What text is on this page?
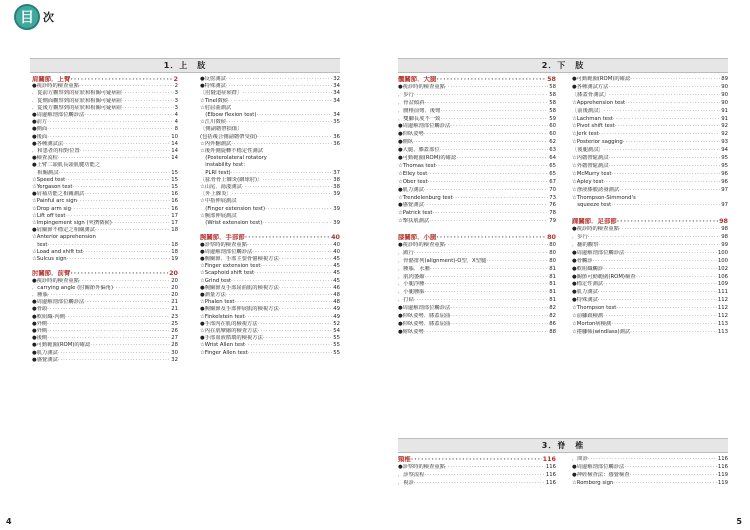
目 次
1．上　肢	2．下　肢
3．脊　椎
肩關節．上臂 ·····	2
●視診時的檢查重點 ·····	2
．從前方觀察到的症狀和相關可疑病症 ·····	3
．從側面觀察到的症狀和相關可疑病症 ·····	3
．從後方觀察到的症狀和相關可疑病症 ·····	3
●周邊解剖部位觸診法 ·····	4
●前方 ·····	4
●側面 ·····	8
●後面 ·····	10
●各種測試法 ·····	14
．和患者的相對位置 ·····	14
●檢查流程 ·····	14
●上臂二頭肌長頭肌腱功能之
　相關測試 ·····	15
☆Speed test ·····	15
☆Yergason test ·····	15
●肩袖功能之相關測試 ·····	16
☆Painful arc sign ·····	16
☆Drop arm sig ·····	16
☆Lift off test ·····	17
☆Impingement sign (夾擠徵候) ·····	17
●肩關節不穩定之相關測試 ·····	18
☆Anterior apprehension
　test ·····	18
☆Load and shift tst ·····	18
☆Sulcus sign ·····	19
肘關節．前臂 ·····	20
●視診時的檢查重點 ·····	20
．carrying angle (肘關節外偏角) ·····	20
．腫脹 ·····	20
●周邊解剖部位觸診法 ·····	21
●骨頭 ·····	21
●軟組織-內側 ·····	23
●外側 ·····	25
●外側 ·····	26
●後側 ·····	27
●可動範圍(ROM)的確認 ·····	28
●肌力測試 ·····	30
●感覺測試 ·····	32
●反射測試 ·····	32
●特殊測試 ·····	34
〔肘隧道症候群〕 ·····	34
☆Tinel徵候 ·····	34
☆肘屈曲測試
　(Elbow flexion test) ·····	34
☆江川徵候 ·····	35
〔側副韌帶損傷〕
(包括複合側副韌帶受損) ·····	36
☆內外翻測試 ·····	36
☆後外側旋轉不穩定性測試
　(Posterolateral rotatory
　instability test：
　PLRI test) ·····	37
〔肱骨骨上髁炎(網球肘)〕 ·····	38
☆山尾．湯淺測試 ·····	38
〔外上髁炎〕 ·····	39
☆中指伸展測試
　(Finger extension test) ·····	39
☆腕部伸展測試
　(Wrist extension test) ·····	39
腕關節．手部節 ·····	40
●診察時的檢查重點 ·····	40
●周邊解剖部位觸診法 ·····	40
●腕關節、手部主要骨骼檢視方法 ·····	45
☆Finger extension test ·····	45
☆Scaphoid shift test ·····	45
☆Grind test ·····	45
●腕關節及手部屈曲肌的檢視方法 ·····	46
●測量方法 ·····	48
☆Phalen test ·····	48
●腕關節及手部伸展肌的檢視方法 ·····	49
☆Finkelstein test ·····	49
●手部內在肌的檢視方法 ·····	52
☆內在肌攣縮的檢查方法 ·····	54
●手部血液循環的檢視方法 ·····	55
☆Wrist Allen test ·····	55
☆Finger Allen test ·····	55
髖關節．大腿 ·····	58
●視診時的檢查重點 ·····	58
．步行 ·····	58
．骨盆傾斜 ·····	58
．腰椎前彎．後彎 ·····	58
．雙腳長度不一致 ·····	59
●周邊解剖部位觸診法 ·····	60
●仰臥姿勢 ·····	60
●側臥 ·····	62
●大腿、膝蓋部位 ·····	63
●可動範圍(ROM)的確認 ·····	64
☆Thomas test ·····	65
☆Elley test ·····	65
☆Ober test ·····	67
●肌力測試 ·····	70
☆Trendelenburg test ·····	73
●感覺測試 ·····	76
☆Patrick test ·····	78
☆擊扶肌測試 ·····	79
膝關節．小腿 ·····	80
●視診時的檢查重點 ·····	80
．跛行 ·····	80
．骨骼排列(alignment)-O型．X型腿 ·····	80
．腫脹．水腫 ·····	81
．肌肉萎縮 ·····	81
．小腿浮腫 ·····	81
．小腿腫脹 ·····	81
．打結 ·····	81
●周邊解剖部位觸診法 ·····	82
●仰臥姿勢．膝蓋屈曲 ·····	82
●仰臥姿勢．膝蓋屈曲 ·····	86
●俯臥姿勢 ·····	88
●可動範圍(ROM)的確認 ·····	89
●各種測試方法 ·····	90
〔膝蓋骨測試〕 ·····	90
☆Apprehension test ·····	90
〔前後測試〕 ·····	91
☆Lachman test ·····	91
☆Pivot shift test ·····	92
☆Jerk test ·····	92
☆Posterior sagging ·····	93
〔後腿測試〕 ·····	94
☆內韌帶鬆測試 ·····	95
☆外韌帶鬆測試 ·····	95
☆McMurry test ·····	96
☆Apley test ·····	96
☆滲液膝膜誘發測試 ·····	97
☆Thompson-Simmond's
　squeeze test ·····	97
踝關節．足部節 ·····	98
●視診時的檢查重點 ·····	98
．步行 ·····	98
．翻的觀察 ·····	99
●周邊解剖部位觸診法 ·····	100
●骨觸診 ·····	100
●軟組織觸診 ·····	102
●關節可動範圍(ROM)檢查 ·····	106
●穩定性測試 ·····	109
●肌力測試 ·····	111
●特殊測試 ·····	112
☆Thompson test ·····	112
☆前腳跟檢測 ·····	112
☆Morton病檢測 ·····	113
☆捲腳帳(windlass)測試 ·····	113
頸椎 ·····	116
●診察時的檢查重點 ·····	116
．診察流程 ·····	116
．視診 ·····	116
．問診 ·····	116
●周邊解剖部位觸診法 ·····	116
●神經檢查法：感覺檢查 ·····	119
☆Romberg sign ·····	119
4	5
